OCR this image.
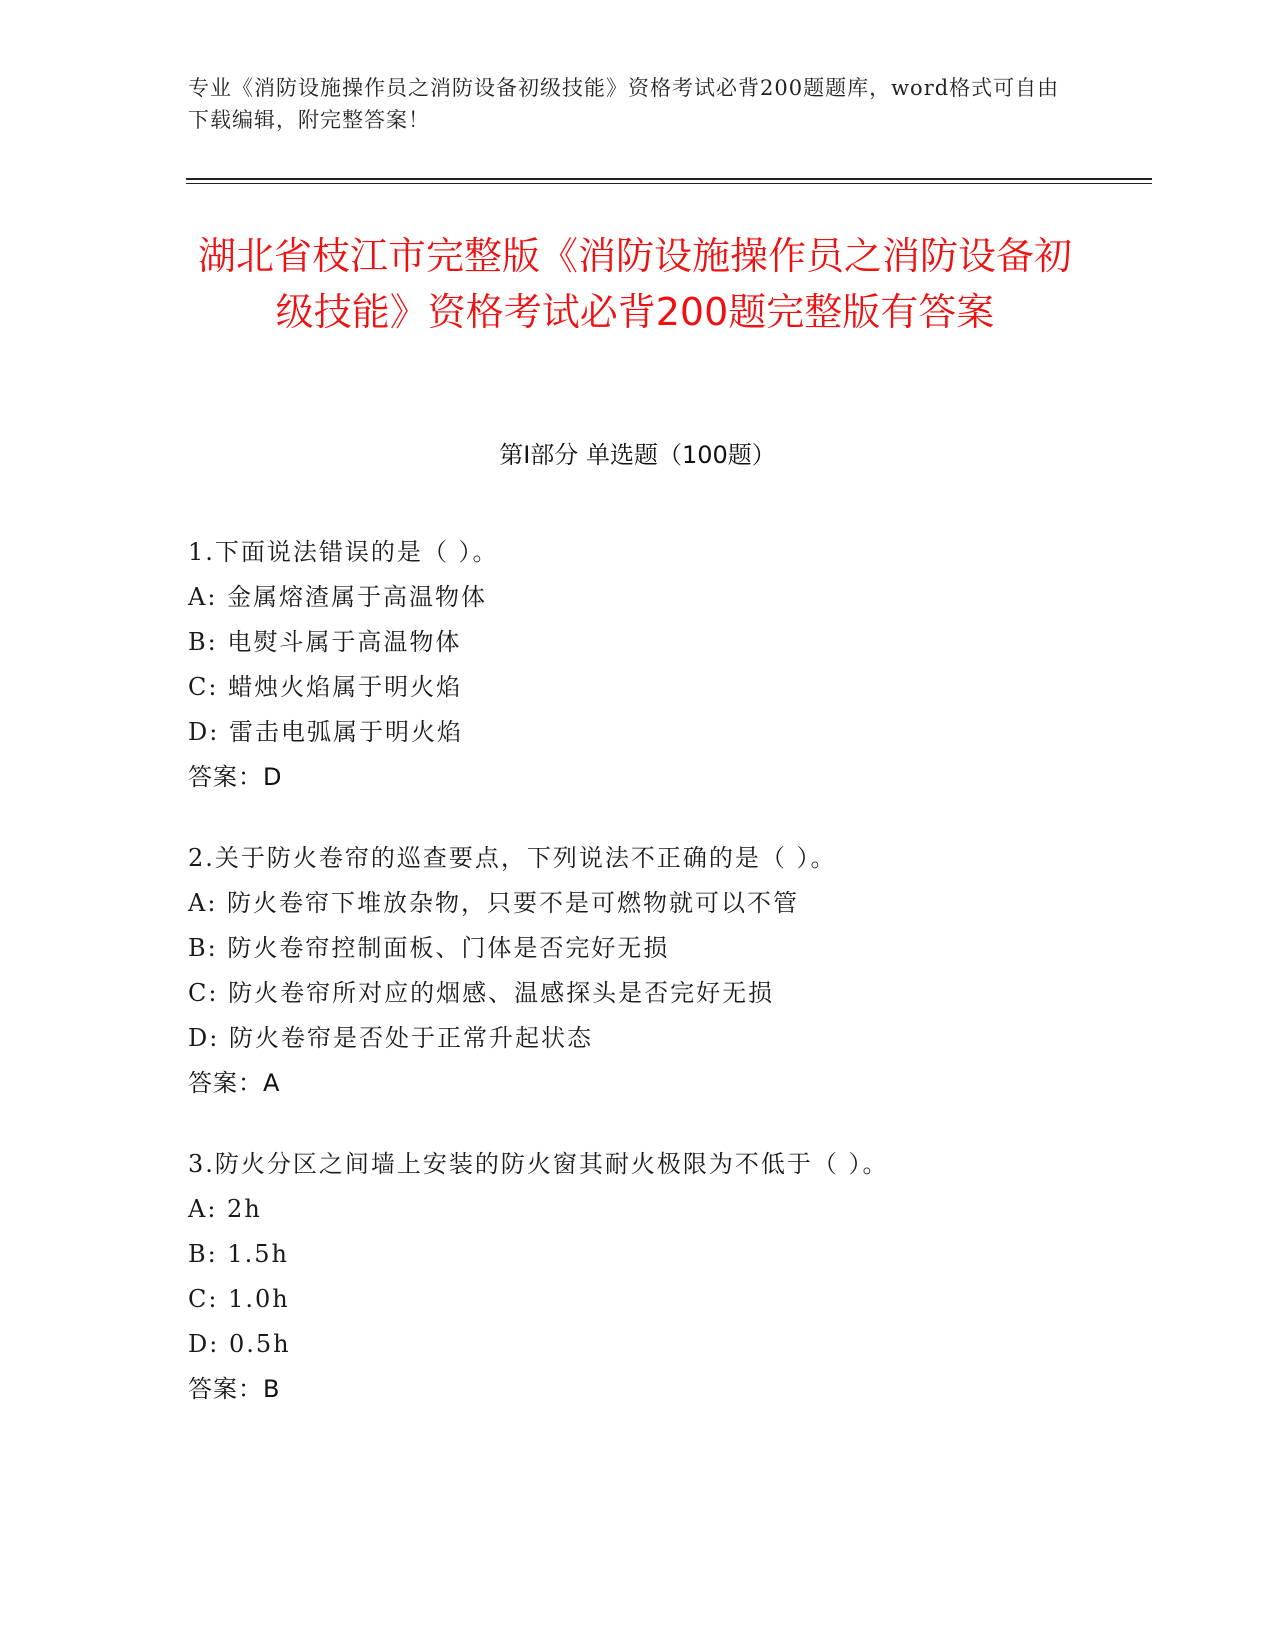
专业《消防设施操作员之消防设备初级技能》资格考试必背200题题库，word格式可自由下载编辑，附完整答案！
湖北省枝江市完整版《消防设施操作员之消防设备初级技能》资格考试必背200题完整版有答案
第I部分 单选题（100题）
1.下面说法错误的是（ ）。
A: 金属熔渣属于高温物体
B: 电熨斗属于高温物体
C: 蜡烛火焰属于明火焰
D: 雷击电弧属于明火焰
答案：D
2.关于防火卷帘的巡查要点，下列说法不正确的是（ ）。
A: 防火卷帘下堆放杂物，只要不是可燃物就可以不管
B: 防火卷帘控制面板、门体是否完好无损
C: 防火卷帘所对应的烟感、温感探头是否完好无损
D: 防火卷帘是否处于正常升起状态
答案：A
3.防火分区之间墙上安装的防火窗其耐火极限为不低于（ ）。
A: 2h
B: 1.5h
C: 1.0h
D: 0.5h
答案：B
